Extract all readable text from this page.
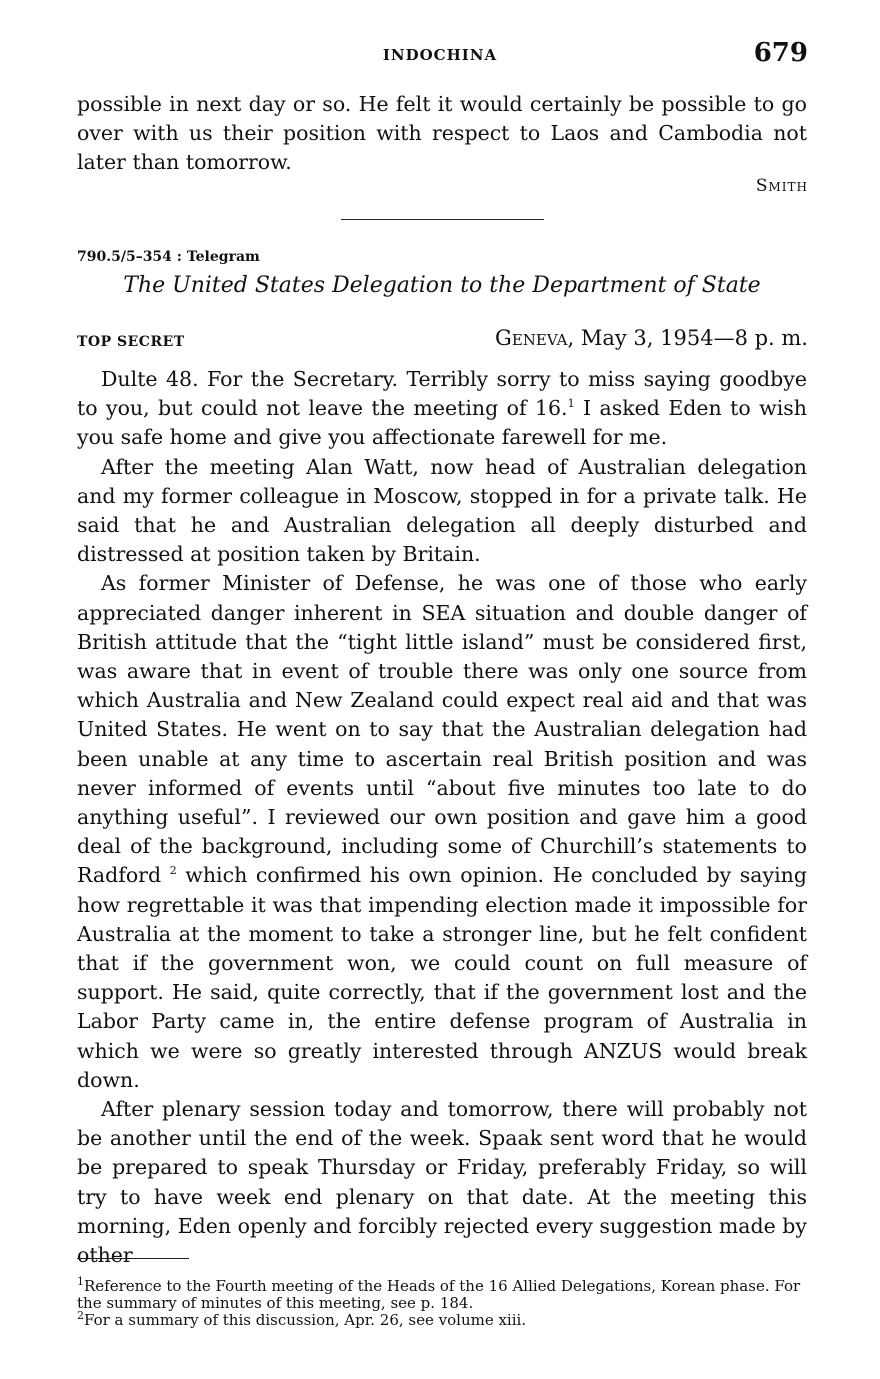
INDOCHINA	679

possible in next day or so. He felt it would certainly be possible to go over with us their position with respect to Laos and Cambodia not later than tomorrow.

Smith
790.5/5–354 : Telegram
The United States Delegation to the Department of State
TOP SECRET	Geneva, May 3, 1954—8 p. m.

Dulte 48. For the Secretary. Terribly sorry to miss saying goodbye to you, but could not leave the meeting of 16.$^1$ I asked Eden to wish you safe home and give you affectionate farewell for me.

After the meeting Alan Watt, now head of Australian delegation and my former colleague in Moscow, stopped in for a private talk. He said that he and Australian delegation all deeply disturbed and distressed at position taken by Britain.

As former Minister of Defense, he was one of those who early appreciated danger inherent in SEA situation and double danger of British attitude that the “tight little island” must be considered first, was aware that in event of trouble there was only one source from which Australia and New Zealand could expect real aid and that was United States. He went on to say that the Australian delegation had been unable at any time to ascertain real British position and was never informed of events until “about five minutes too late to do anything useful”. I reviewed our own position and gave him a good deal of the background, including some of Churchill’s statements to Radford $^2$ which confirmed his own opinion. He concluded by saying how regrettable it was that impending election made it impossible for Australia at the moment to take a stronger line, but he felt confident that if the government won, we could count on full measure of support. He said, quite correctly, that if the government lost and the Labor Party came in, the entire defense program of Australia in which we were so greatly interested through ANZUS would break down.

After plenary session today and tomorrow, there will probably not be another until the end of the week. Spaak sent word that he would be prepared to speak Thursday or Friday, preferably Friday, so will try to have week end plenary on that date. At the meeting this morning, Eden openly and forcibly rejected every suggestion made by other

$^1$Reference to the Fourth meeting of the Heads of the 16 Allied Delegations, Korean phase. For the summary of minutes of this meeting, see p. 184.

$^2$For a summary of this discussion, Apr. 26, see volume xiii.
